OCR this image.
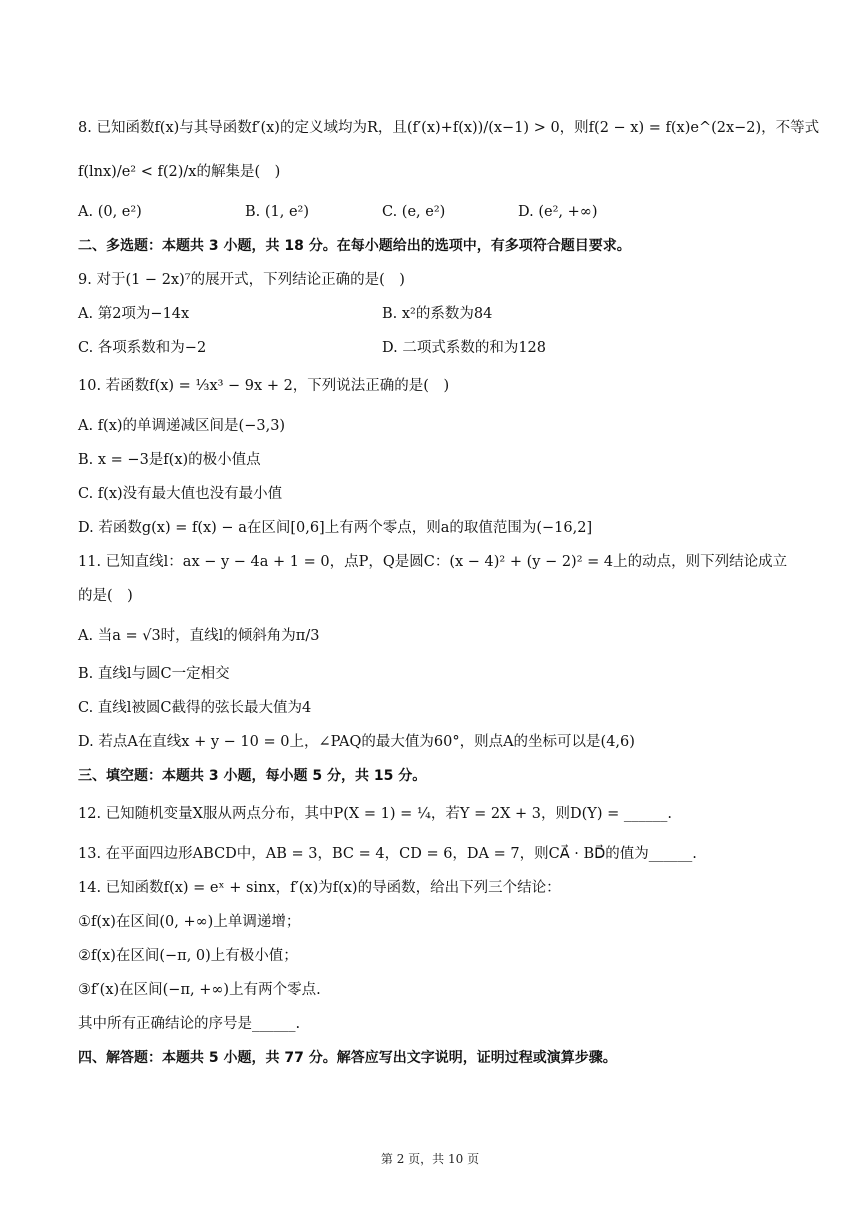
8. 已知函数f(x)与其导函数f′(x)的定义域均为R，且(f′(x)+f(x))/(x−1) > 0，则f(2 − x) = f(x)e^(2x−2)，不等式
f(lnx)/e² < f(2)/x的解集是(　)
A. (0, e²)	B. (1, e²)	C. (e, e²)	D. (e², +∞)
二、多选题：本题共 3 小题，共 18 分。在每小题给出的选项中，有多项符合题目要求。
9. 对于(1 − 2x)⁷的展开式，下列结论正确的是(　)
A. 第2项为−14x	B. x²的系数为84
C. 各项系数和为−2	D. 二项式系数的和为128
10. 若函数f(x) = ⅓x³ − 9x + 2，下列说法正确的是(　)
A. f(x)的单调递减区间是(−3,3)
B. x = −3是f(x)的极小值点
C. f(x)没有最大值也没有最小值
D. 若函数g(x) = f(x) − a在区间[0,6]上有两个零点，则a的取值范围为(−16,2]
11. 已知直线l：ax − y − 4a + 1 = 0，点P，Q是圆C：(x − 4)² + (y − 2)² = 4上的动点，则下列结论成立
的是(　)
A. 当a = √3时，直线l的倾斜角为π/3
B. 直线l与圆C一定相交
C. 直线l被圆C截得的弦长最大值为4
D. 若点A在直线x + y − 10 = 0上，∠PAQ的最大值为60°，则点A的坐标可以是(4,6)
三、填空题：本题共 3 小题，每小题 5 分，共 15 分。
12. 已知随机变量X服从两点分布，其中P(X = 1) = ¼，若Y = 2X + 3，则D(Y) = ______.
13. 在平面四边形ABCD中，AB = 3，BC = 4，CD = 6，DA = 7，则CA⃗ · BD⃗的值为______.
14. 已知函数f(x) = eˣ + sinx，f′(x)为f(x)的导函数，给出下列三个结论：
①f(x)在区间(0, +∞)上单调递增；
②f(x)在区间(−π, 0)上有极小值；
③f′(x)在区间(−π, +∞)上有两个零点.
其中所有正确结论的序号是______.
四、解答题：本题共 5 小题，共 77 分。解答应写出文字说明，证明过程或演算步骤。
第 2 页，共 10 页
